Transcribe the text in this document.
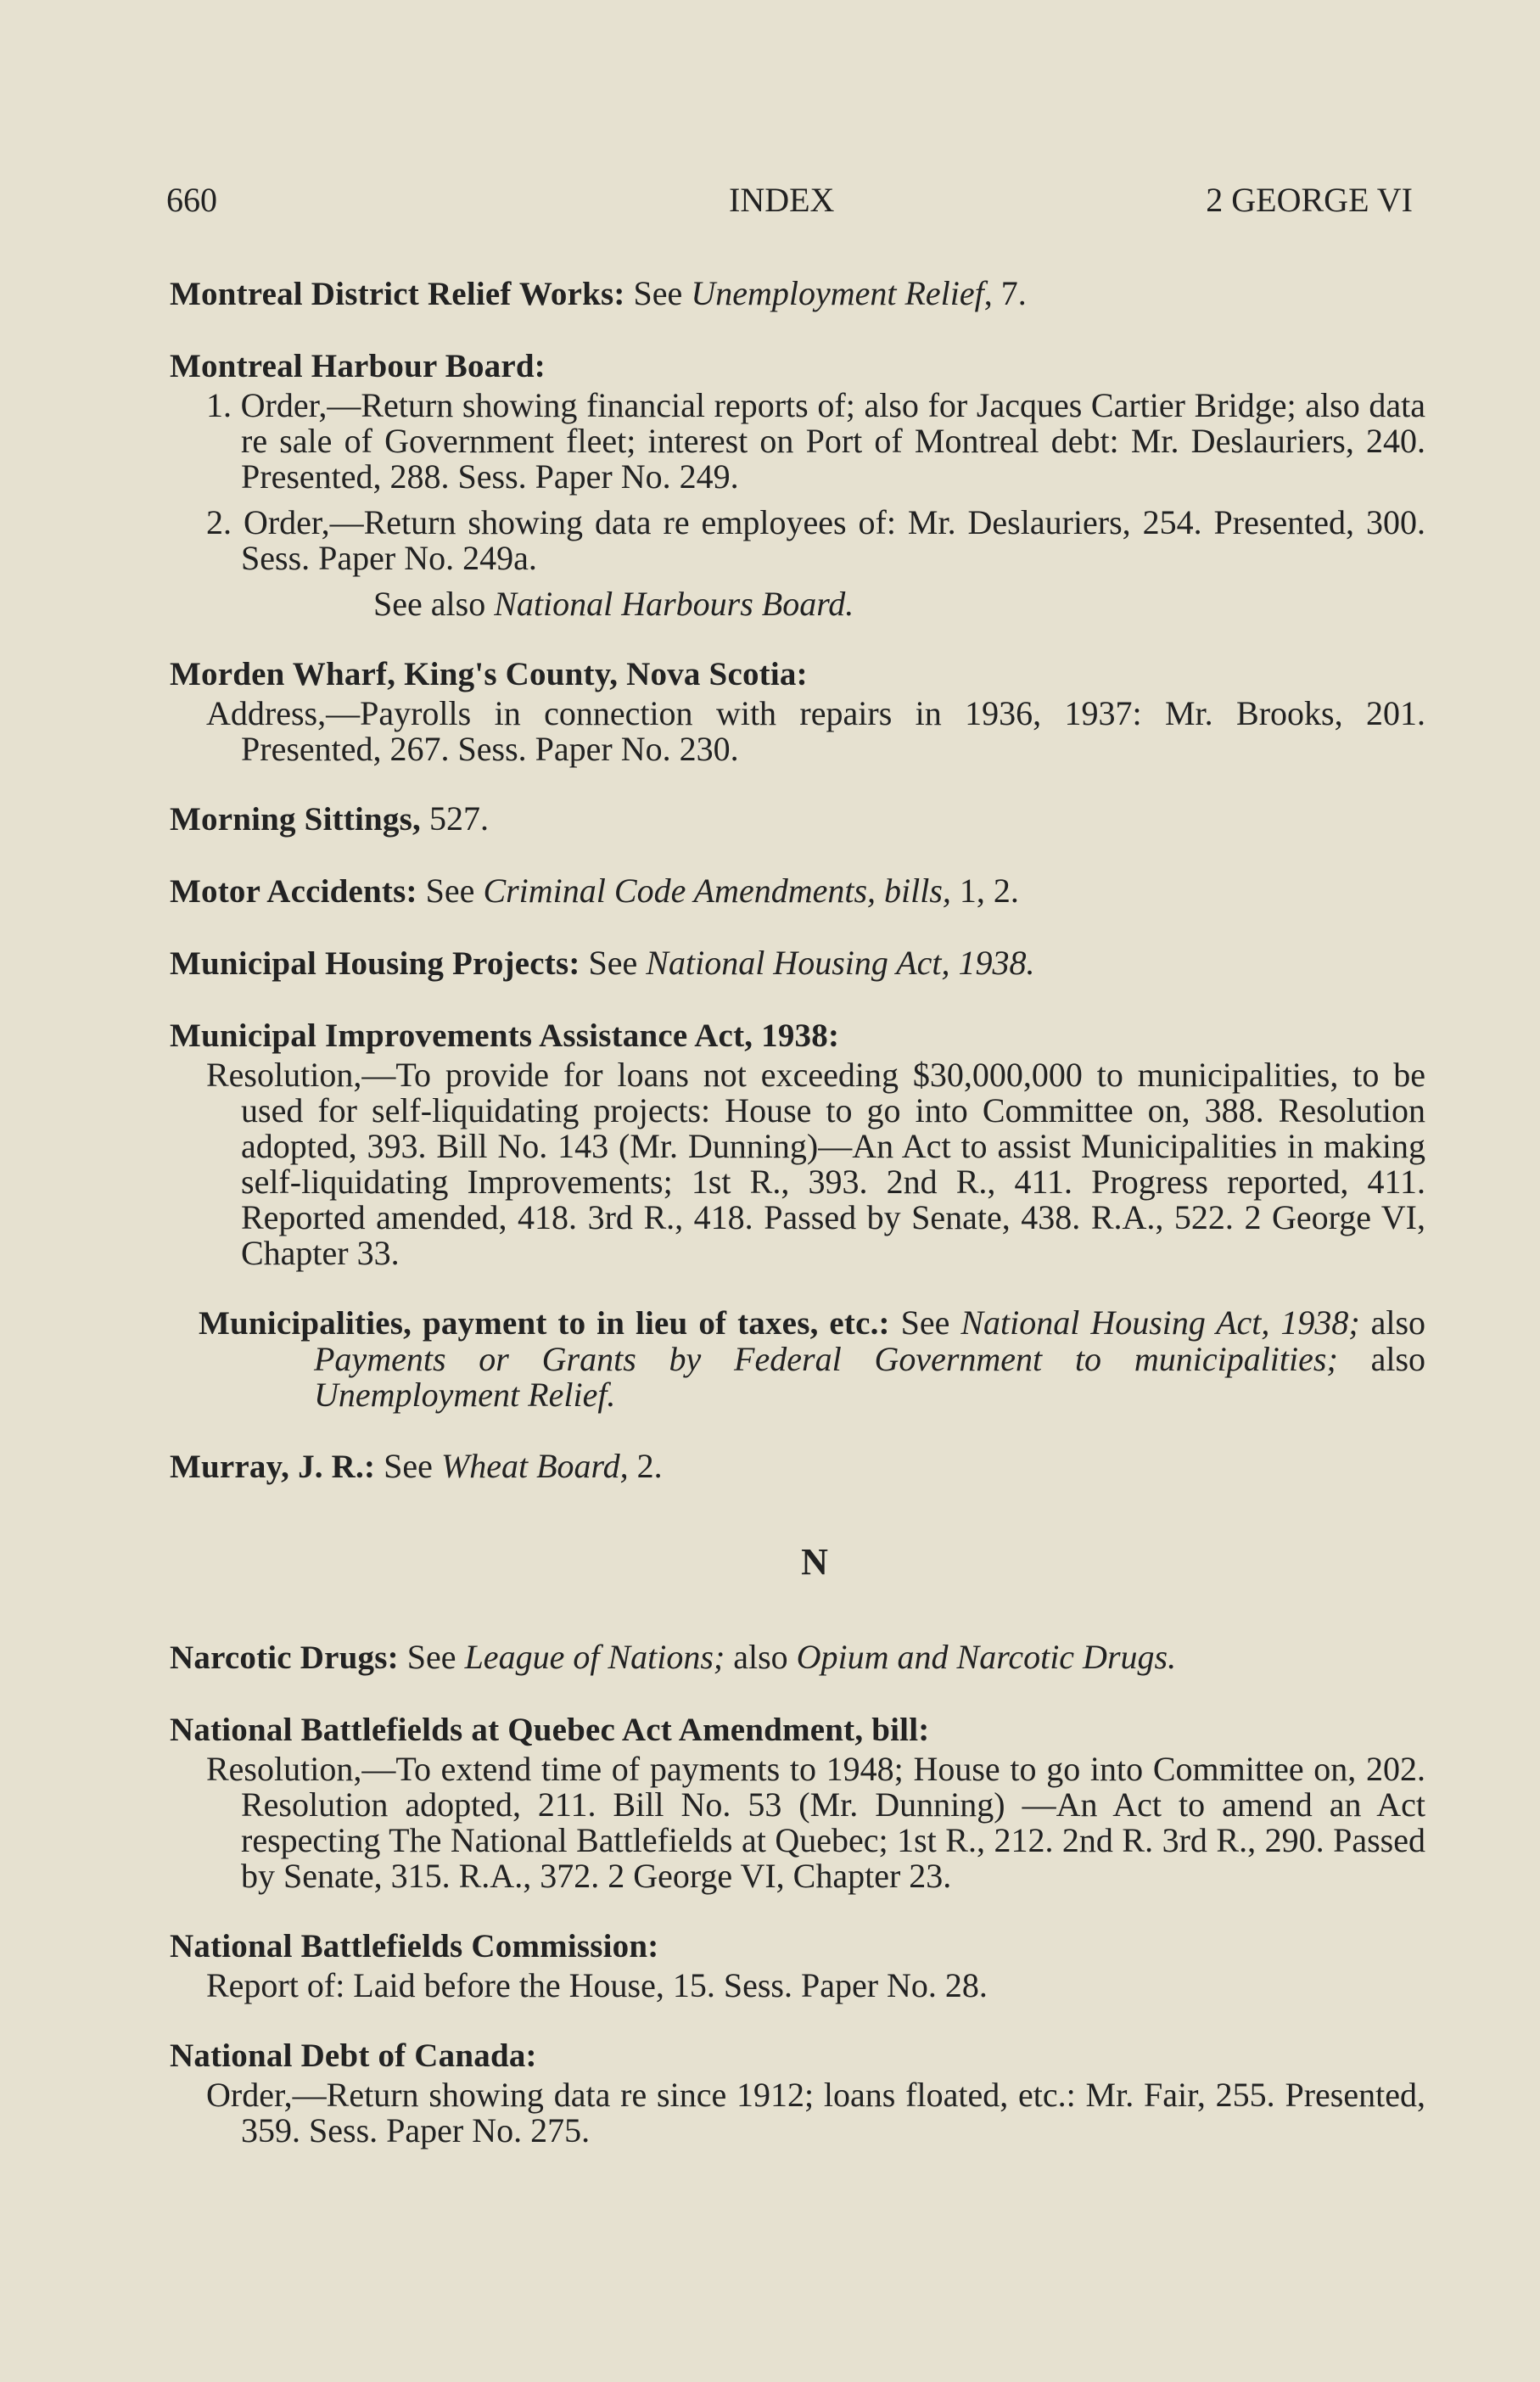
660	INDEX	2 GEORGE VI

Montreal District Relief Works: See Unemployment Relief, 7.

Montreal Harbour Board:

1. Order,—Return showing financial reports of; also for Jacques Cartier Bridge; also data re sale of Government fleet; interest on Port of Montreal debt: Mr. Deslauriers, 240. Presented, 288. Sess. Paper No. 249.

2. Order,—Return showing data re employees of: Mr. Deslauriers, 254. Presented, 300. Sess. Paper No. 249a.

See also National Harbours Board.

Morden Wharf, King's County, Nova Scotia:

Address,—Payrolls in connection with repairs in 1936, 1937: Mr. Brooks, 201. Presented, 267. Sess. Paper No. 230.

Morning Sittings, 527.

Motor Accidents: See Criminal Code Amendments, bills, 1, 2.

Municipal Housing Projects: See National Housing Act, 1938.

Municipal Improvements Assistance Act, 1938:

Resolution,—To provide for loans not exceeding $30,000,000 to municipalities, to be used for self-liquidating projects: House to go into Committee on, 388. Resolution adopted, 393. Bill No. 143 (Mr. Dunning)—An Act to assist Municipalities in making self-liquidating Improvements; 1st R., 393. 2nd R., 411. Progress reported, 411. Reported amended, 418. 3rd R., 418. Passed by Senate, 438. R.A., 522. 2 George VI, Chapter 33.

Municipalities, payment to in lieu of taxes, etc.: See National Housing Act, 1938; also Payments or Grants by Federal Government to municipalities; also Unemployment Relief.

Murray, J. R.: See Wheat Board, 2.

N

Narcotic Drugs: See League of Nations; also Opium and Narcotic Drugs.

National Battlefields at Quebec Act Amendment, bill:

Resolution,—To extend time of payments to 1948; House to go into Committee on, 202. Resolution adopted, 211. Bill No. 53 (Mr. Dunning) —An Act to amend an Act respecting The National Battlefields at Quebec; 1st R., 212. 2nd R. 3rd R., 290. Passed by Senate, 315. R.A., 372. 2 George VI, Chapter 23.

National Battlefields Commission:

Report of: Laid before the House, 15. Sess. Paper No. 28.

National Debt of Canada:

Order,—Return showing data re since 1912; loans floated, etc.: Mr. Fair, 255. Presented, 359. Sess. Paper No. 275.
